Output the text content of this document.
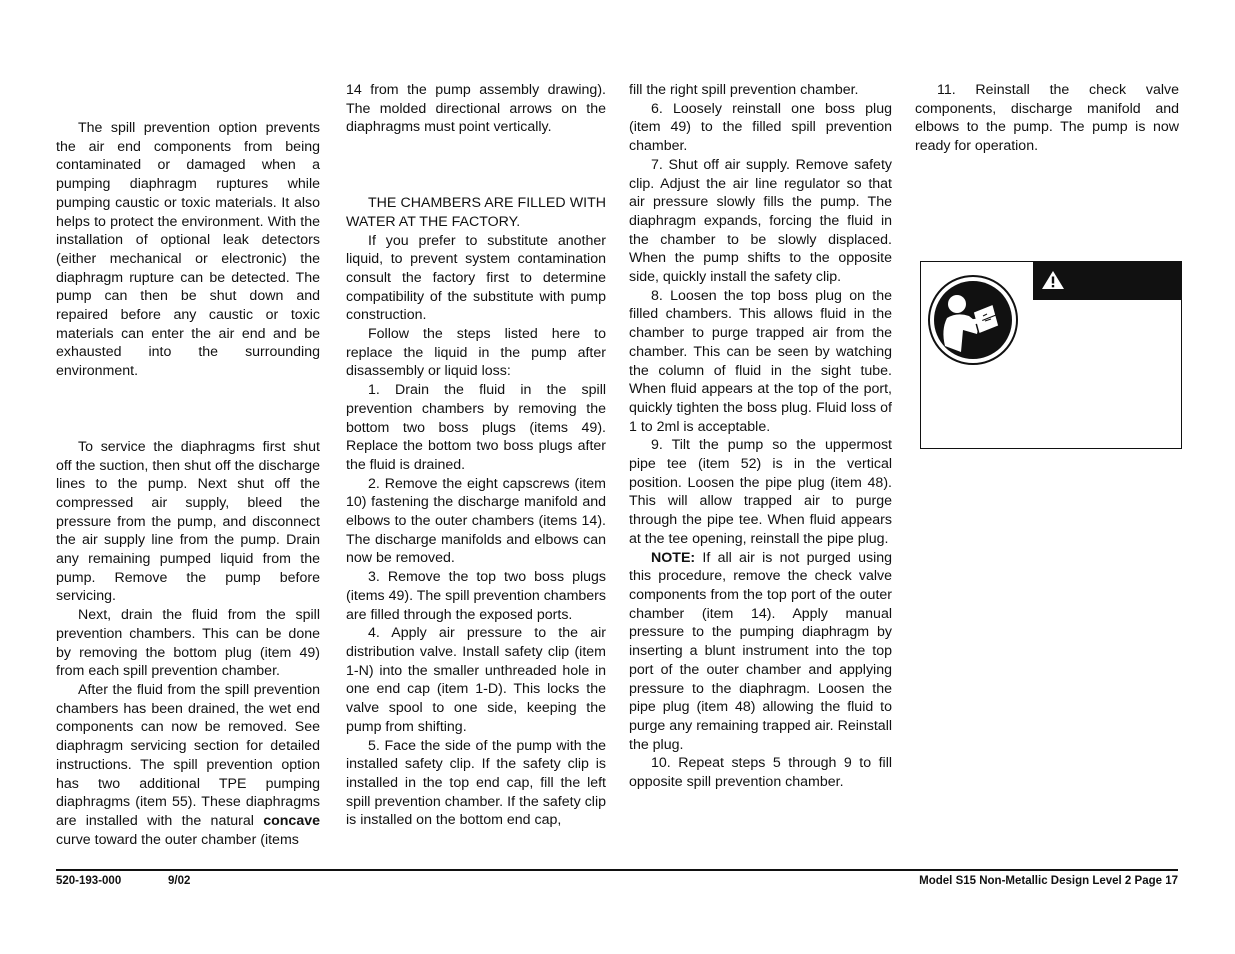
The spill prevention option prevents the air end components from being contaminated or damaged when a pumping diaphragm ruptures while pumping caustic or toxic materials. It also helps to protect the environment. With the installation of optional leak detectors (either mechanical or electronic) the diaphragm rupture can be detected. The pump can then be shut down and repaired before any caustic or toxic materials can enter the air end and be exhausted into the surrounding environment.

To service the diaphragms first shut off the suction, then shut off the discharge lines to the pump. Next shut off the compressed air supply, bleed the pressure from the pump, and disconnect the air supply line from the pump. Drain any remaining pumped liquid from the pump. Remove the pump before servicing.

Next, drain the fluid from the spill prevention chambers. This can be done by removing the bottom plug (item 49) from each spill prevention chamber.

After the fluid from the spill prevention chambers has been drained, the wet end components can now be removed. See diaphragm servicing section for detailed instructions. The spill prevention option has two additional TPE pumping diaphragms (item 55). These diaphragms are installed with the natural concave curve toward the outer chamber (items

14 from the pump assembly drawing). The molded directional arrows on the diaphragms must point vertically.

THE CHAMBERS ARE FILLED WITH WATER AT THE FACTORY.

If you prefer to substitute another liquid, to prevent system contamination consult the factory first to determine compatibility of the substitute with pump construction.

Follow the steps listed here to replace the liquid in the pump after disassembly or liquid loss:

1. Drain the fluid in the spill prevention chambers by removing the bottom two boss plugs (items 49). Replace the bottom two boss plugs after the fluid is drained.

2. Remove the eight capscrews (item 10) fastening the discharge manifold and elbows to the outer chambers (items 14). The discharge manifolds and elbows can now be removed.

3. Remove the top two boss plugs (items 49). The spill prevention chambers are filled through the exposed ports.

4. Apply air pressure to the air distribution valve. Install safety clip (item 1-N) into the smaller unthreaded hole in one end cap (item 1-D). This locks the valve spool to one side, keeping the pump from shifting.

5. Face the side of the pump with the installed safety clip. If the safety clip is installed in the top end cap, fill the left spill prevention chamber. If the safety clip is installed on the bottom end cap,

fill the right spill prevention chamber.

6. Loosely reinstall one boss plug (item 49) to the filled spill prevention chamber.

7. Shut off air supply. Remove safety clip. Adjust the air line regulator so that air pressure slowly fills the pump. The diaphragm expands, forcing the fluid in the chamber to be slowly displaced. When the pump shifts to the opposite side, quickly install the safety clip.

8. Loosen the top boss plug on the filled chambers. This allows fluid in the chamber to purge trapped air from the chamber. This can be seen by watching the column of fluid in the sight tube. When fluid appears at the top of the port, quickly tighten the boss plug. Fluid loss of 1 to 2ml is acceptable.

9. Tilt the pump so the uppermost pipe tee (item 52) is in the vertical position. Loosen the pipe plug (item 48). This will allow trapped air to purge through the pipe tee. When fluid appears at the tee opening, reinstall the pipe plug.

NOTE: If all air is not purged using this procedure, remove the check valve components from the top port of the outer chamber (item 14). Apply manual pressure to the pumping diaphragm by inserting a blunt instrument into the top port of the outer chamber and applying pressure to the diaphragm. Loosen the pipe plug (item 48) allowing the fluid to purge any remaining trapped air. Reinstall the plug.

10. Repeat steps 5 through 9 to fill opposite spill prevention chamber.

11. Reinstall the check valve components, discharge manifold and elbows to the pump. The pump is now ready for operation.

520-193-000	9/02	Model S15 Non-Metallic Design Level 2 Page 17
